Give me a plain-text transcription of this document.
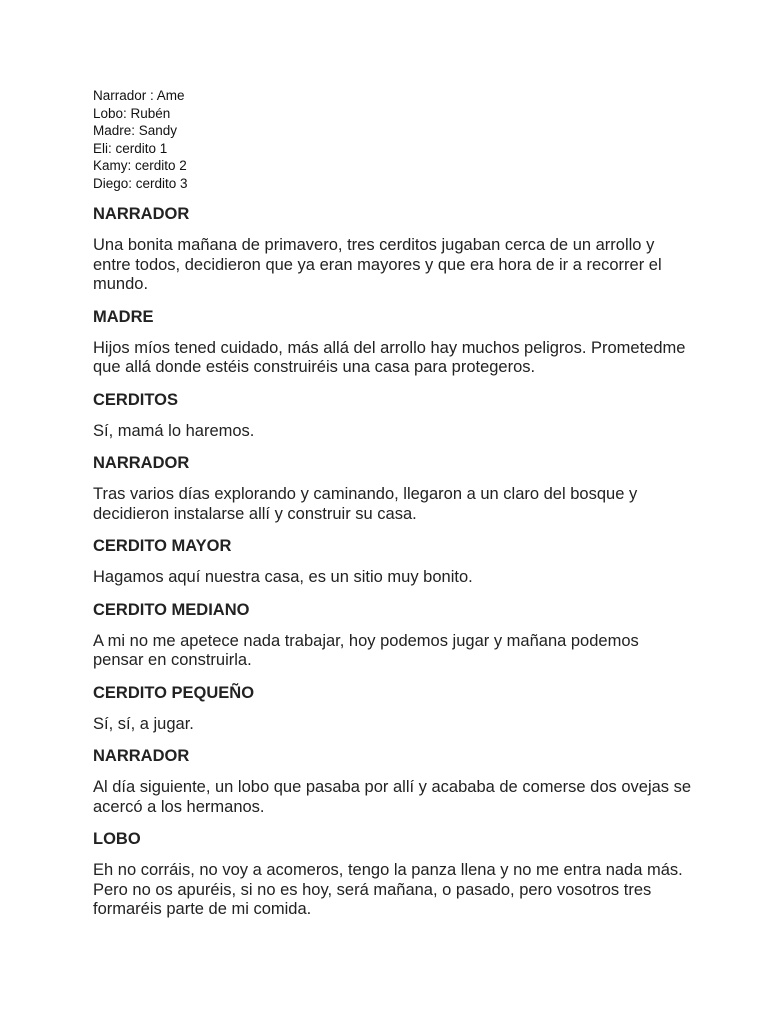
Narrador : Ame
Lobo: Rubén
Madre: Sandy
Eli: cerdito 1
Kamy: cerdito 2
Diego: cerdito 3
NARRADOR

Una bonita mañana de primavero, tres cerditos jugaban cerca de un arrollo y entre todos, decidieron que ya eran mayores y que era hora de ir a recorrer el mundo.

MADRE

Hijos míos tened cuidado, más allá del arrollo hay muchos peligros. Prometedme que allá donde estéis construiréis una casa para protegeros.

CERDITOS

Sí, mamá lo haremos.

NARRADOR

Tras varios días explorando y caminando, llegaron a un claro del bosque y decidieron instalarse allí y construir su casa.

CERDITO MAYOR

Hagamos aquí nuestra casa, es un sitio muy bonito.

CERDITO MEDIANO

A mi no me apetece nada trabajar, hoy podemos jugar y mañana podemos pensar en construirla.

CERDITO PEQUEÑO

Sí, sí, a jugar.

NARRADOR

Al día siguiente, un lobo que pasaba por allí y acababa de comerse dos ovejas se acercó a los hermanos.

LOBO

Eh no corráis, no voy a acomeros, tengo la panza llena y no me entra nada más. Pero no os apuréis, si no es hoy, será mañana, o pasado, pero vosotros tres formaréis parte de mi comida.
